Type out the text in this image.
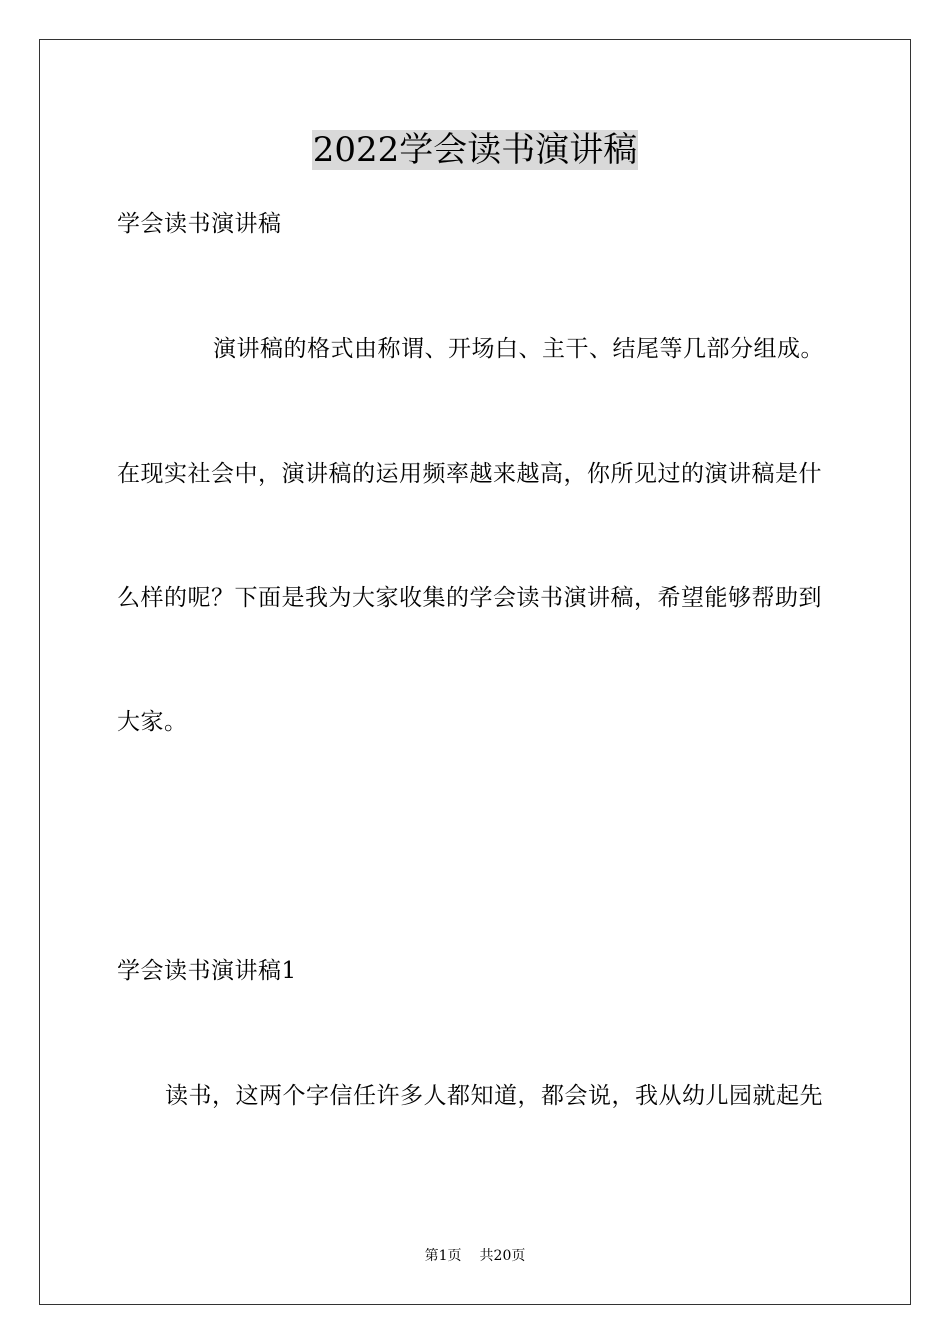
2022学会读书演讲稿
学会读书演讲稿
演讲稿的格式由称谓、开场白、主干、结尾等几部分组成。
在现实社会中，演讲稿的运用频率越来越高，你所见过的演讲稿是什
么样的呢？下面是我为大家收集的学会读书演讲稿，希望能够帮助到
大家。
学会读书演讲稿1
读书，这两个字信任许多人都知道，都会说，我从幼儿园就起先
第1页 共20页
